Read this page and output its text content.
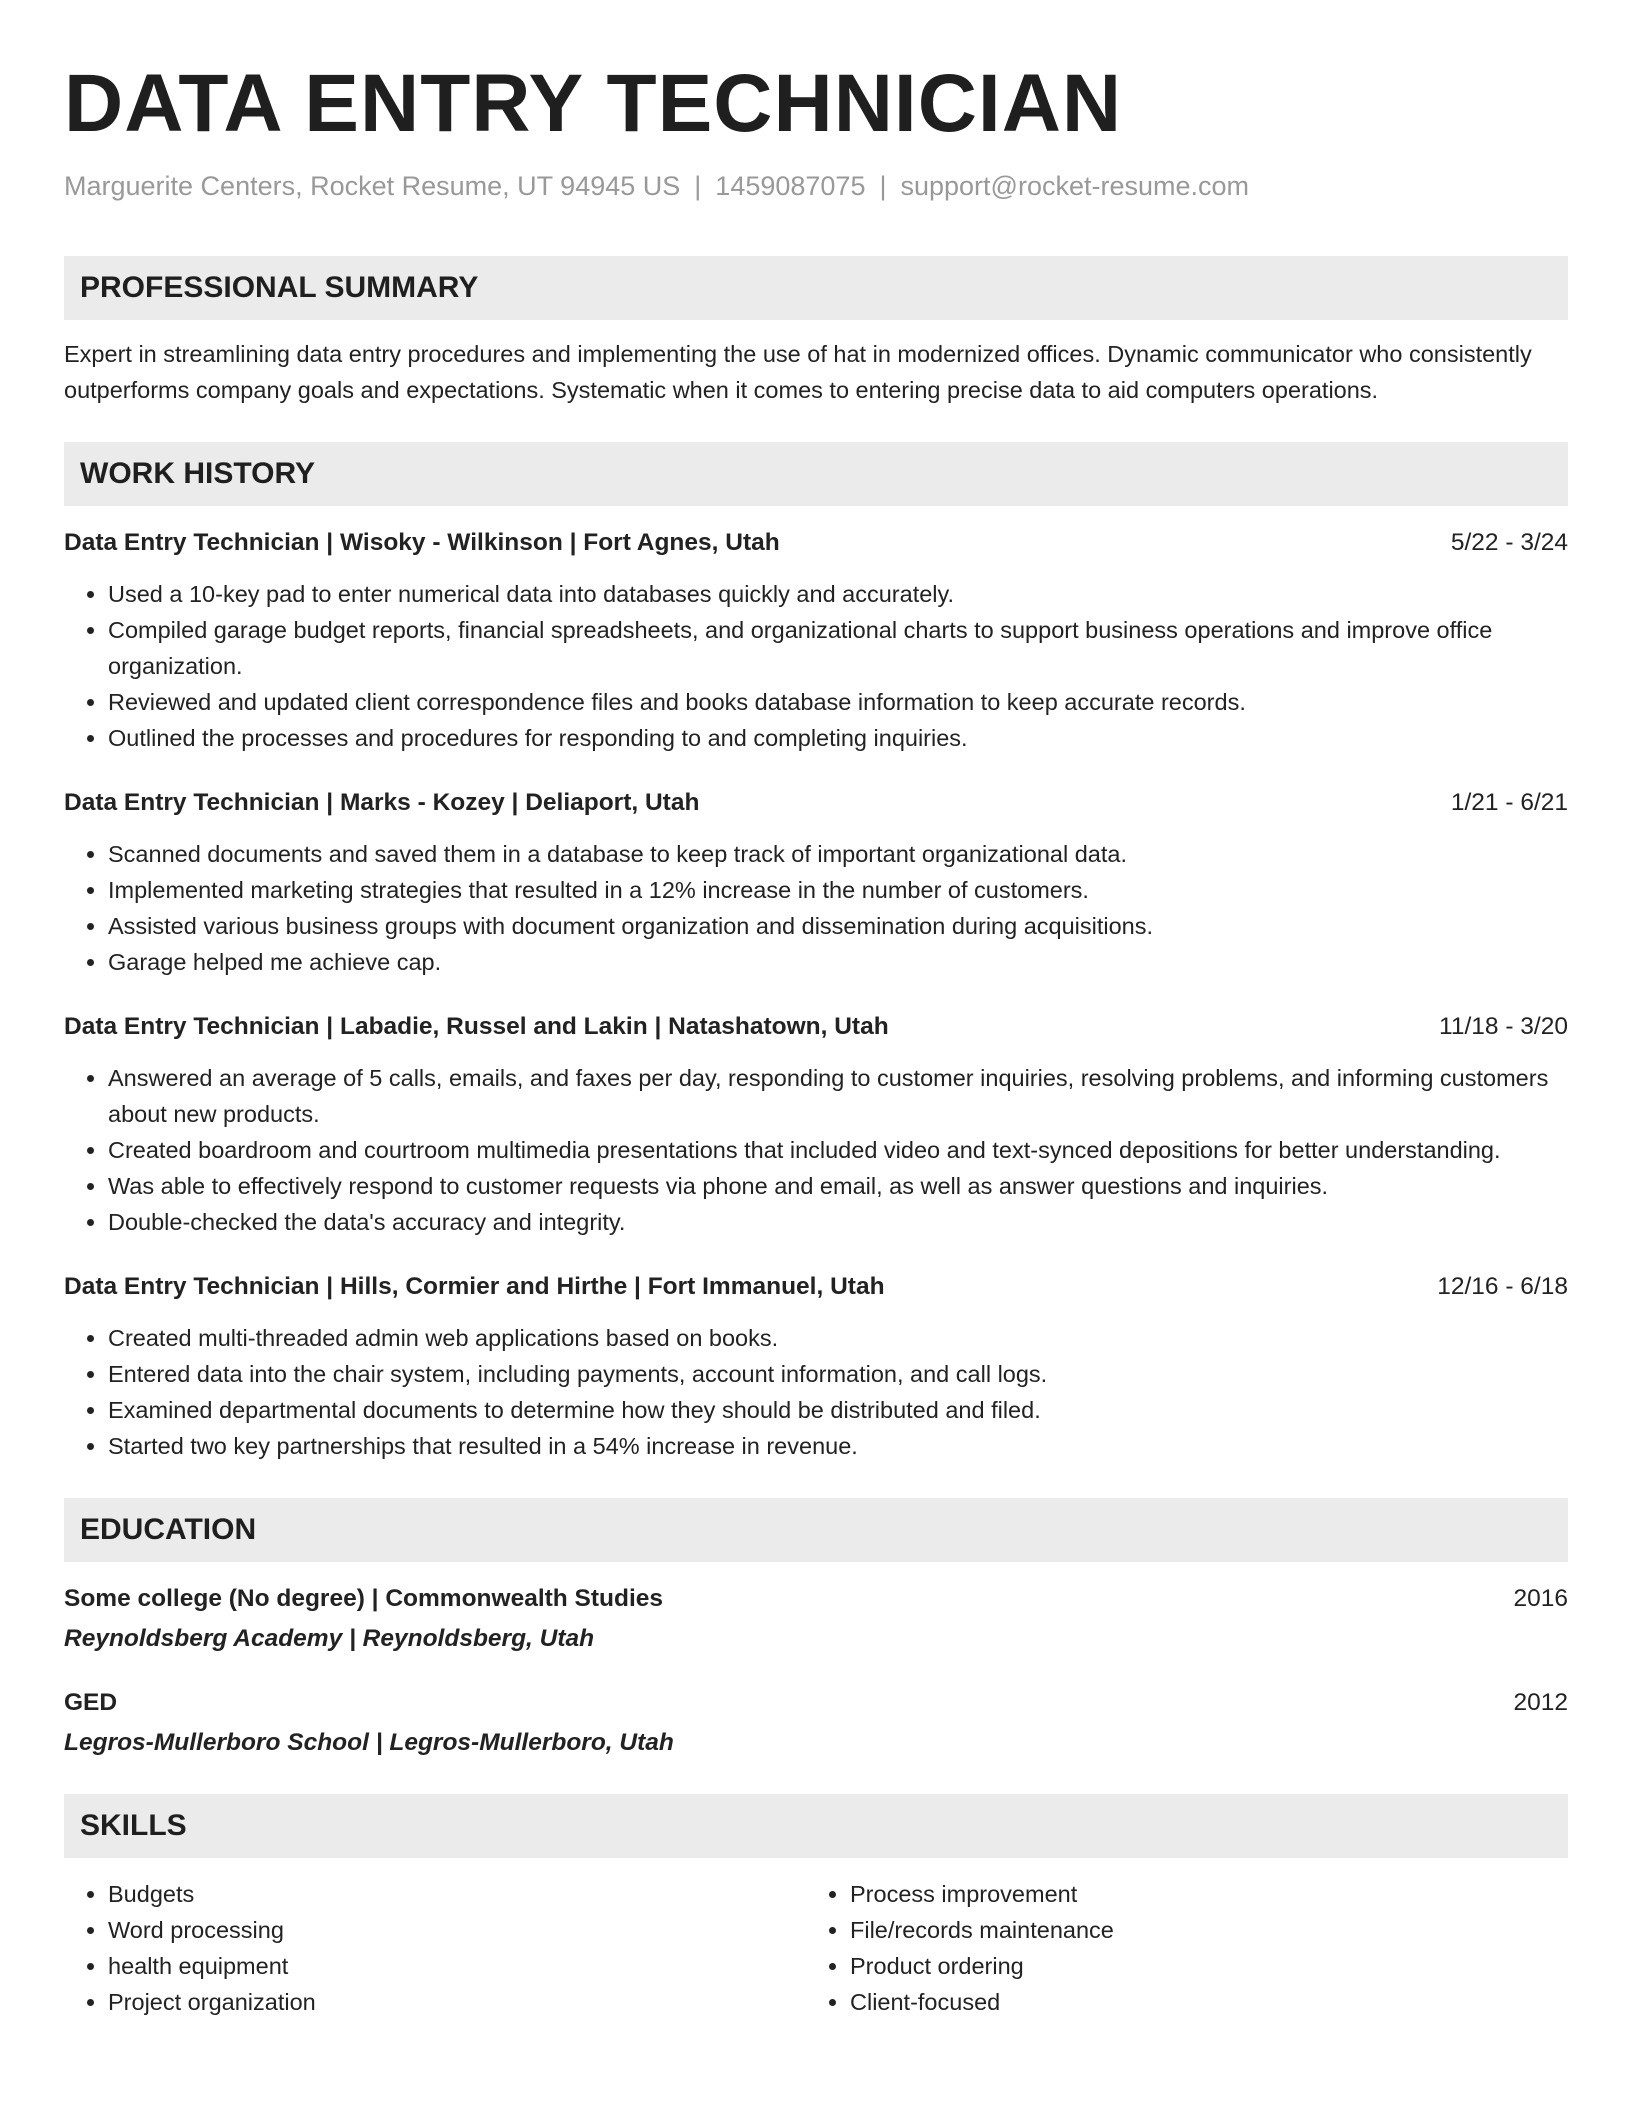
DATA ENTRY TECHNICIAN
Marguerite Centers, Rocket Resume, UT 94945 US | 1459087075 | support@rocket-resume.com
PROFESSIONAL SUMMARY

Expert in streamlining data entry procedures and implementing the use of hat in modernized offices. Dynamic communicator who consistently outperforms company goals and expectations. Systematic when it comes to entering precise data to aid computers operations.

WORK HISTORY
Data Entry Technician | Wisoky - Wilkinson | Fort Agnes, Utah	5/22 - 3/24
• Used a 10-key pad to enter numerical data into databases quickly and accurately.
• Compiled garage budget reports, financial spreadsheets, and organizational charts to support business operations and improve office organization.
• Reviewed and updated client correspondence files and books database information to keep accurate records.
• Outlined the processes and procedures for responding to and completing inquiries.
Data Entry Technician | Marks - Kozey | Deliaport, Utah	1/21 - 6/21
• Scanned documents and saved them in a database to keep track of important organizational data.
• Implemented marketing strategies that resulted in a 12% increase in the number of customers.
• Assisted various business groups with document organization and dissemination during acquisitions.
• Garage helped me achieve cap.
Data Entry Technician | Labadie, Russel and Lakin | Natashatown, Utah	11/18 - 3/20
• Answered an average of 5 calls, emails, and faxes per day, responding to customer inquiries, resolving problems, and informing customers about new products.
• Created boardroom and courtroom multimedia presentations that included video and text-synced depositions for better understanding.
• Was able to effectively respond to customer requests via phone and email, as well as answer questions and inquiries.
• Double-checked the data's accuracy and integrity.
Data Entry Technician | Hills, Cormier and Hirthe | Fort Immanuel, Utah	12/16 - 6/18
• Created multi-threaded admin web applications based on books.
• Entered data into the chair system, including payments, account information, and call logs.
• Examined departmental documents to determine how they should be distributed and filed.
• Started two key partnerships that resulted in a 54% increase in revenue.
EDUCATION
Some college (No degree) | Commonwealth Studies	2016
Reynoldsberg Academy | Reynoldsberg, Utah
GED	2012
Legros-Mullerboro School | Legros-Mullerboro, Utah
SKILLS
• Budgets
• Word processing
• health equipment
• Project organization
• Process improvement
• File/records maintenance
• Product ordering
• Client-focused
